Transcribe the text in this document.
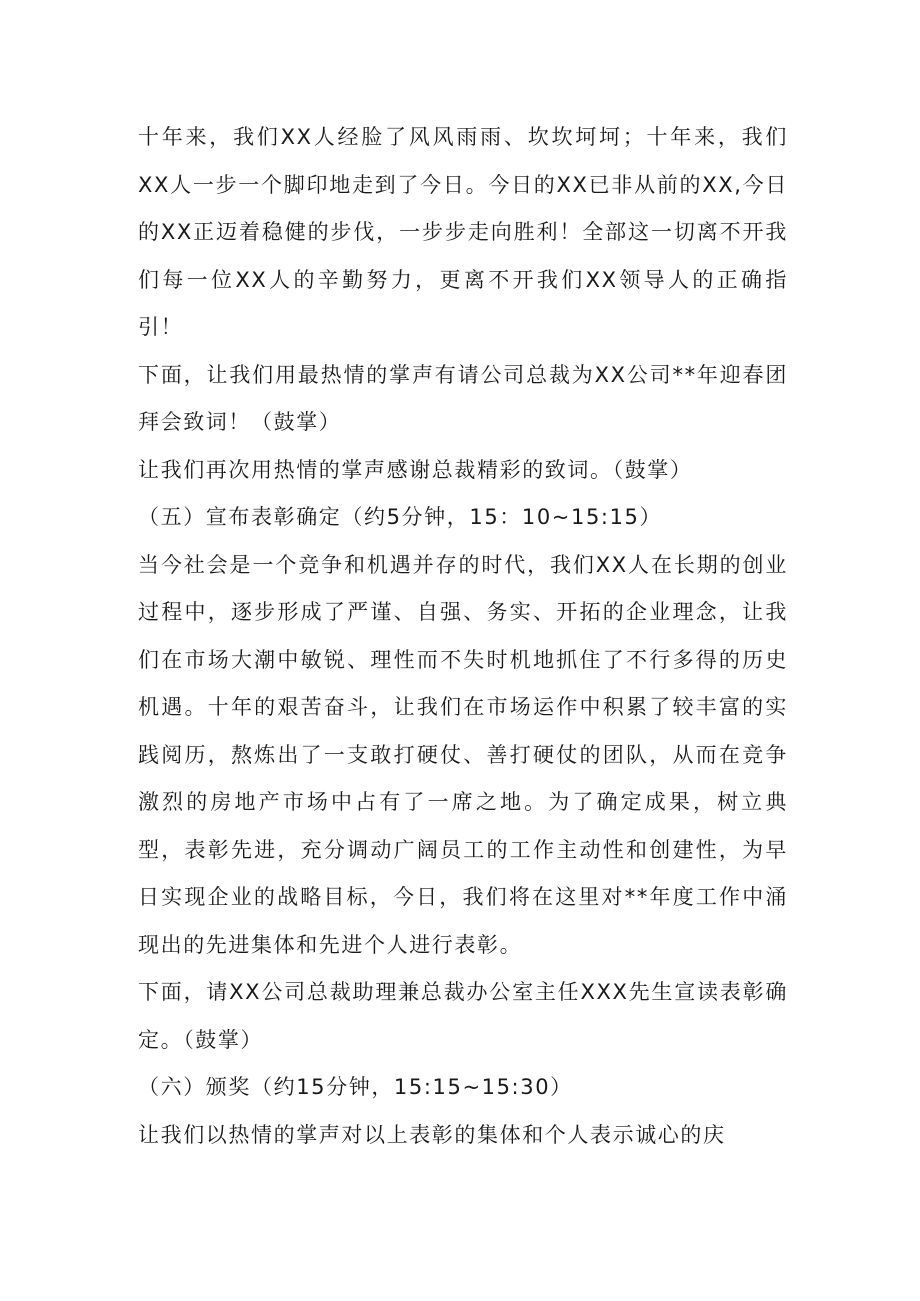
十年来，我们XX人经脸了风风雨雨、坎坎坷坷；十年来，我们XX人一步一个脚印地走到了今日。今日的XX已非从前的XX,今日的XX正迈着稳健的步伐，一步步走向胜利！全部这一切离不开我们每一位XX人的辛勤努力，更离不开我们XX领导人的正确指引！

下面，让我们用最热情的掌声有请公司总裁为XX公司**年迎春团拜会致词！（鼓掌）

让我们再次用热情的掌声感谢总裁精彩的致词。（鼓掌）

（五）宣布表彰确定（约5分钟，15：10~15:15）

当今社会是一个竞争和机遇并存的时代，我们XX人在长期的创业过程中，逐步形成了严谨、自强、务实、开拓的企业理念，让我们在市场大潮中敏锐、理性而不失时机地抓住了不行多得的历史机遇。十年的艰苦奋斗，让我们在市场运作中积累了较丰富的实践阅历，熬炼出了一支敢打硬仗、善打硬仗的团队，从而在竞争激烈的房地产市场中占有了一席之地。为了确定成果，树立典型，表彰先进，充分调动广阔员工的工作主动性和创建性，为早日实现企业的战略目标，今日，我们将在这里对**年度工作中涌现出的先进集体和先进个人进行表彰。

下面，请XX公司总裁助理兼总裁办公室主任XXX先生宣读表彰确定。（鼓掌）

（六）颁奖（约15分钟，15:15~15:30）

让我们以热情的掌声对以上表彰的集体和个人表示诚心的庆
